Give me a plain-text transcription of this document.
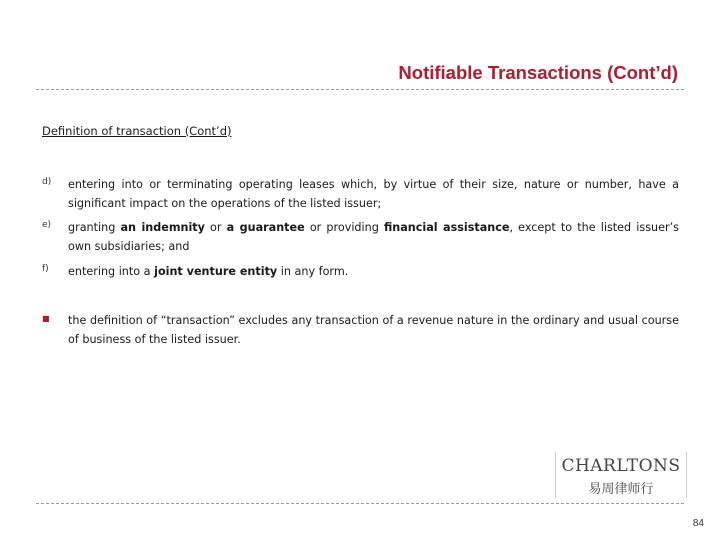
Notifiable Transactions (Cont’d)
Definition of transaction (Cont’d)
d) entering into or terminating operating leases which, by virtue of their size, nature or number, have a significant impact on the operations of the listed issuer;
e) granting an indemnity or a guarantee or providing financial assistance, except to the listed issuer’s own subsidiaries; and
f) entering into a joint venture entity in any form.
■ the definition of “transaction” excludes any transaction of a revenue nature in the ordinary and usual course of business of the listed issuer.
CHARLTONS
易周律师行
84
